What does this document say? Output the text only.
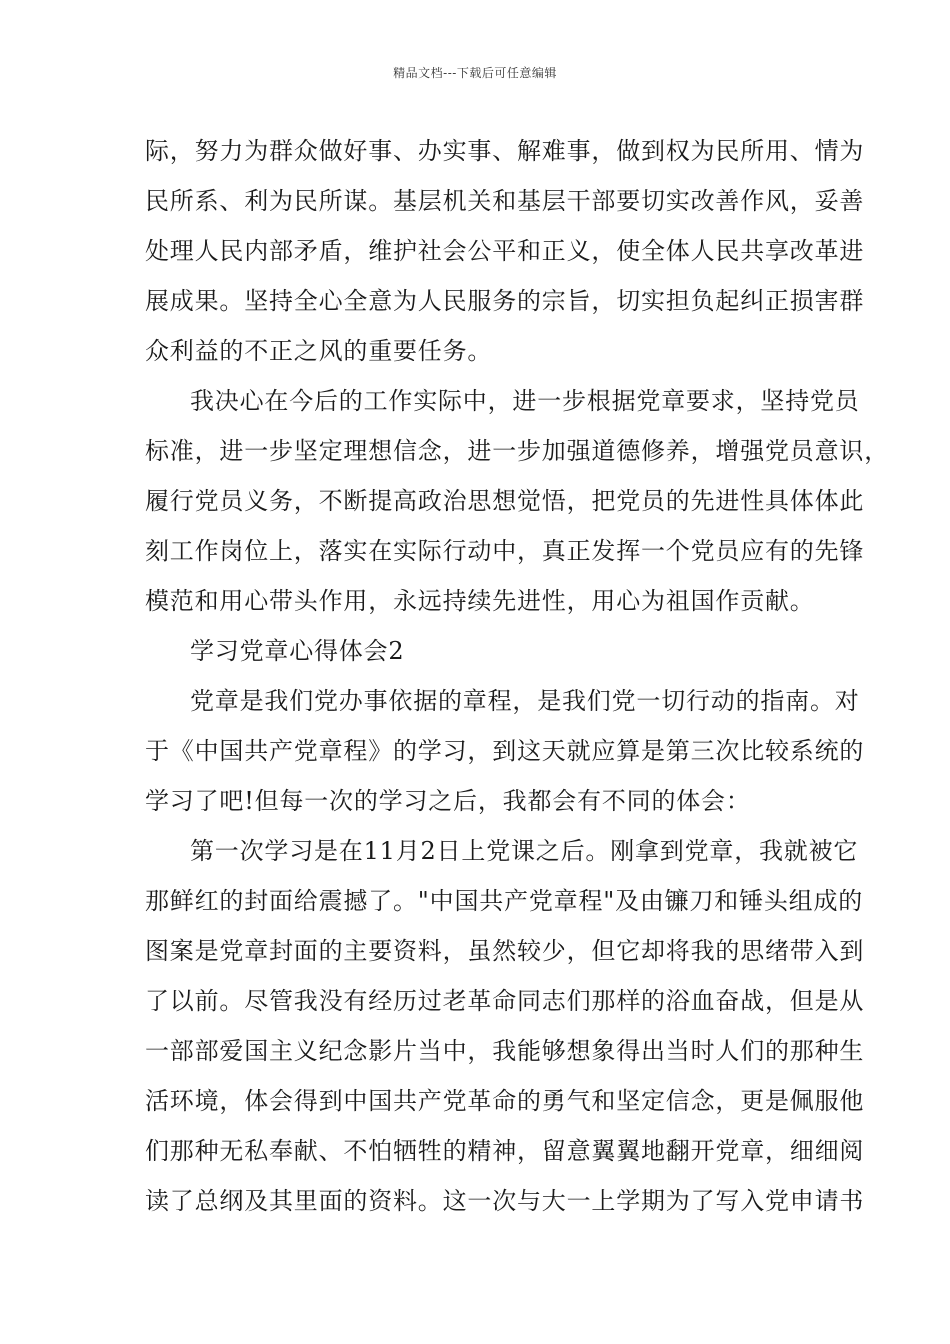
精品文档---下载后可任意编辑
际，努力为群众做好事、办实事、解难事，做到权为民所用、情为
民所系、利为民所谋。基层机关和基层干部要切实改善作风，妥善
处理人民内部矛盾，维护社会公平和正义，使全体人民共享改革进
展成果。坚持全心全意为人民服务的宗旨，切实担负起纠正损害群
众利益的不正之风的重要任务。
我决心在今后的工作实际中，进一步根据党章要求，坚持党员
标准，进一步坚定理想信念，进一步加强道德修养，增强党员意识，
履行党员义务，不断提高政治思想觉悟，把党员的先进性具体体此
刻工作岗位上，落实在实际行动中，真正发挥一个党员应有的先锋
模范和用心带头作用，永远持续先进性，用心为祖国作贡献。
学习党章心得体会2
党章是我们党办事依据的章程，是我们党一切行动的指南。对
于《中国共产党章程》的学习，到这天就应算是第三次比较系统的
学习了吧!但每一次的学习之后，我都会有不同的体会：
第一次学习是在11月2日上党课之后。刚拿到党章，我就被它
那鲜红的封面给震撼了。"中国共产党章程"及由镰刀和锤头组成的
图案是党章封面的主要资料，虽然较少，但它却将我的思绪带入到
了以前。尽管我没有经历过老革命同志们那样的浴血奋战，但是从
一部部爱国主义纪念影片当中，我能够想象得出当时人们的那种生
活环境，体会得到中国共产党革命的勇气和坚定信念，更是佩服他
们那种无私奉献、不怕牺牲的精神，留意翼翼地翻开党章，细细阅
读了总纲及其里面的资料。这一次与大一上学期为了写入党申请书
